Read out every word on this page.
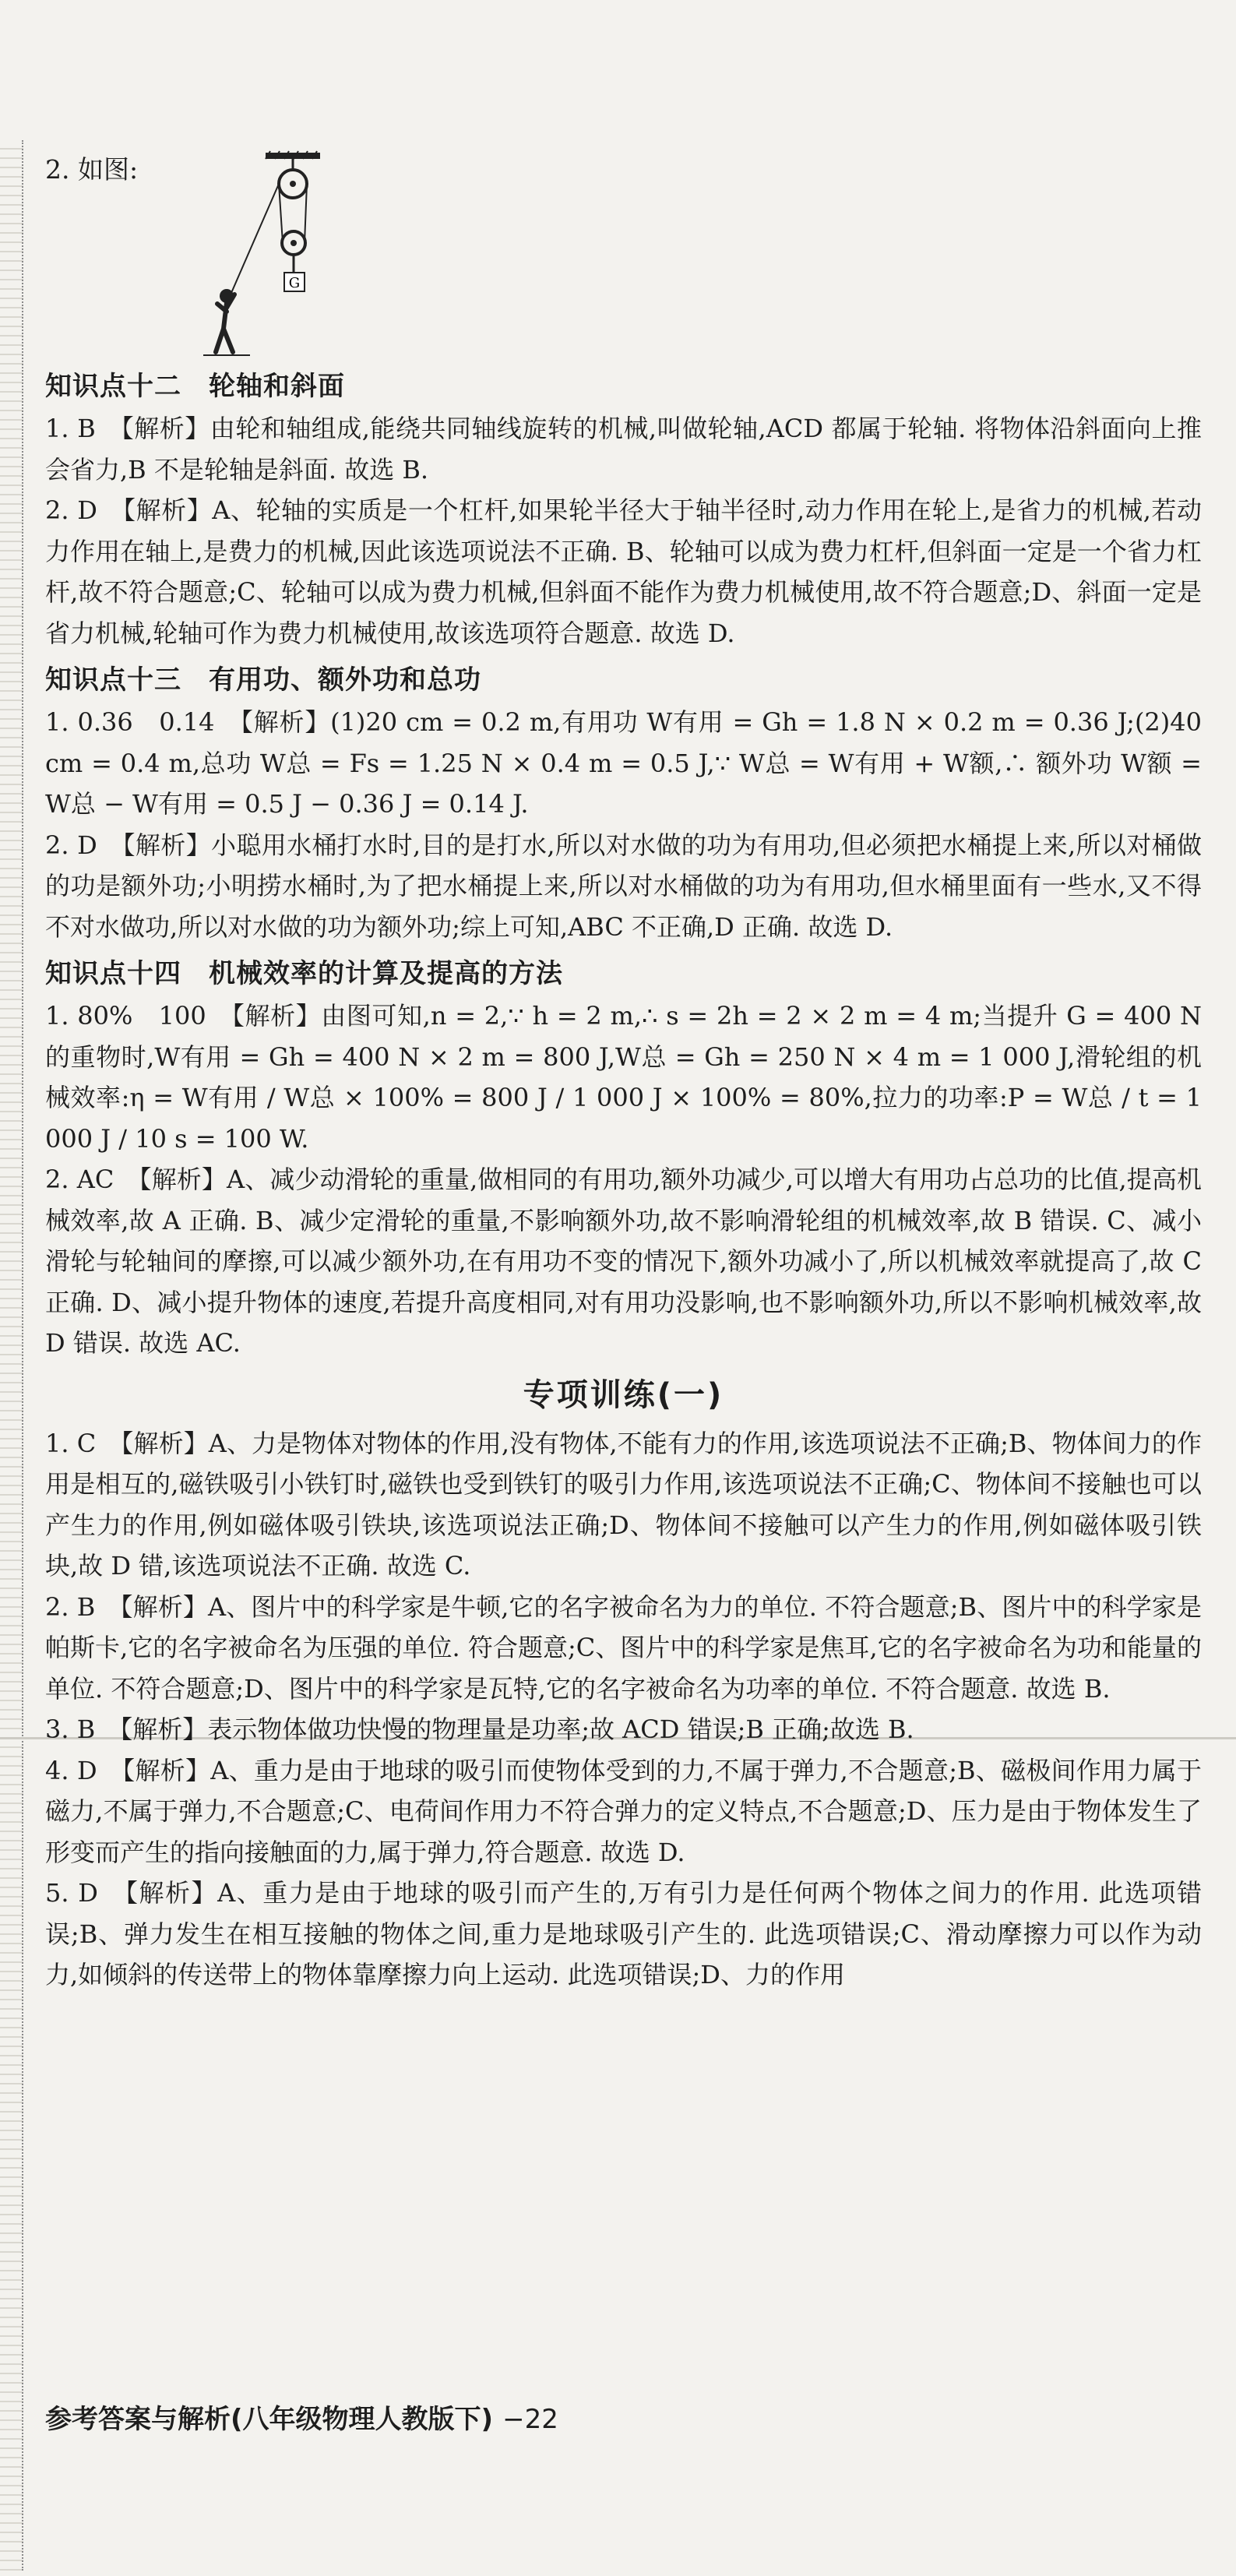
2. 如图:
G
知识点十二　轮轴和斜面
1. B　【解析】由轮和轴组成,能绕共同轴线旋转的机械,叫做轮轴,ACD 都属于轮轴. 将物体沿斜面向上推会省力,B 不是轮轴是斜面. 故选 B.
2. D　【解析】A、轮轴的实质是一个杠杆,如果轮半径大于轴半径时,动力作用在轮上,是省力的机械,若动力作用在轴上,是费力的机械,因此该选项说法不正确. B、轮轴可以成为费力杠杆,但斜面一定是一个省力杠杆,故不符合题意;C、轮轴可以成为费力机械,但斜面不能作为费力机械使用,故不符合题意;D、斜面一定是省力机械,轮轴可作为费力机械使用,故该选项符合题意. 故选 D.
知识点十三　有用功、额外功和总功
1. 0.36　0.14　【解析】(1)20 cm = 0.2 m,有用功 W有用 = Gh = 1.8 N × 0.2 m = 0.36 J;(2)40 cm = 0.4 m,总功 W总 = Fs = 1.25 N × 0.4 m = 0.5 J,∵ W总 = W有用 + W额,∴ 额外功 W额 = W总 − W有用 = 0.5 J − 0.36 J = 0.14 J.
2. D　【解析】小聪用水桶打水时,目的是打水,所以对水做的功为有用功,但必须把水桶提上来,所以对桶做的功是额外功;小明捞水桶时,为了把水桶提上来,所以对水桶做的功为有用功,但水桶里面有一些水,又不得不对水做功,所以对水做的功为额外功;综上可知,ABC 不正确,D 正确. 故选 D.
知识点十四　机械效率的计算及提高的方法
1. 80%　100　【解析】由图可知,n = 2,∵ h = 2 m,∴ s = 2h = 2 × 2 m = 4 m;当提升 G = 400 N 的重物时,W有用 = Gh = 400 N × 2 m = 800 J,W总 = Gh = 250 N × 4 m = 1 000 J,滑轮组的机械效率:η = W有用 / W总 × 100% = 800 J / 1 000 J × 100% = 80%,拉力的功率:P = W总 / t = 1 000 J / 10 s = 100 W.
2. AC　【解析】A、减少动滑轮的重量,做相同的有用功,额外功减少,可以增大有用功占总功的比值,提高机械效率,故 A 正确. B、减少定滑轮的重量,不影响额外功,故不影响滑轮组的机械效率,故 B 错误. C、减小滑轮与轮轴间的摩擦,可以减少额外功,在有用功不变的情况下,额外功减小了,所以机械效率就提高了,故 C 正确. D、减小提升物体的速度,若提升高度相同,对有用功没影响,也不影响额外功,所以不影响机械效率,故 D 错误. 故选 AC.
专项训练(一)
1. C　【解析】A、力是物体对物体的作用,没有物体,不能有力的作用,该选项说法不正确;B、物体间力的作用是相互的,磁铁吸引小铁钉时,磁铁也受到铁钉的吸引力作用,该选项说法不正确;C、物体间不接触也可以产生力的作用,例如磁体吸引铁块,该选项说法正确;D、物体间不接触可以产生力的作用,例如磁体吸引铁块,故 D 错,该选项说法不正确. 故选 C.
2. B　【解析】A、图片中的科学家是牛顿,它的名字被命名为力的单位. 不符合题意;B、图片中的科学家是帕斯卡,它的名字被命名为压强的单位. 符合题意;C、图片中的科学家是焦耳,它的名字被命名为功和能量的单位. 不符合题意;D、图片中的科学家是瓦特,它的名字被命名为功率的单位. 不符合题意. 故选 B.
3. B　【解析】表示物体做功快慢的物理量是功率;故 ACD 错误;B 正确;故选 B.
4. D　【解析】A、重力是由于地球的吸引而使物体受到的力,不属于弹力,不合题意;B、磁极间作用力属于磁力,不属于弹力,不合题意;C、电荷间作用力不符合弹力的定义特点,不合题意;D、压力是由于物体发生了形变而产生的指向接触面的力,属于弹力,符合题意. 故选 D.
5. D　【解析】A、重力是由于地球的吸引而产生的,万有引力是任何两个物体之间力的作用. 此选项错误;B、弹力发生在相互接触的物体之间,重力是地球吸引产生的. 此选项错误;C、滑动摩擦力可以作为动力,如倾斜的传送带上的物体靠摩擦力向上运动. 此选项错误;D、力的作用
参考答案与解析(八年级物理人教版下) −22
